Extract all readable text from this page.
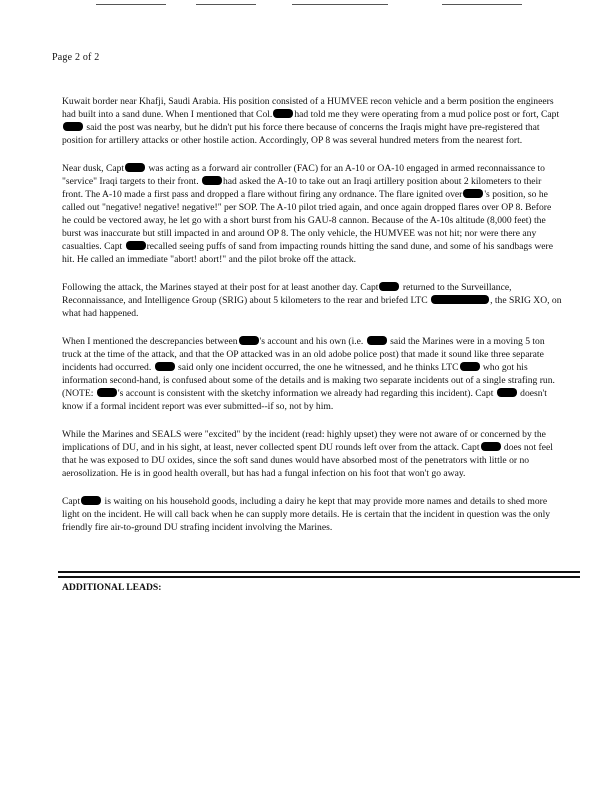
Page 2 of 2

Kuwait border near Khafji, Saudi Arabia. His position consisted of a HUMVEE recon vehicle and a berm position the engineers had built into a sand dune. When I mentioned that Col. had told me they were operating from a mud police post or fort, Capt said the post was nearby, but he didn't put his force there because of concerns the Iraqis might have pre-registered that position for artillery attacks or other hostile action. Accordingly, OP 8 was several hundred meters from the nearest fort.

Near dusk, Capt was acting as a forward air controller (FAC) for an A-10 or OA-10 engaged in armed reconnaissance to "service" Iraqi targets to their front. had asked the A-10 to take out an Iraqi artillery position about 2 kilometers to their front. The A-10 made a first pass and dropped a flare without firing any ordnance. The flare ignited over 's position, so he called out "negative! negative! negative!" per SOP. The A-10 pilot tried again, and once again dropped flares over OP 8. Before he could be vectored away, he let go with a short burst from his GAU-8 cannon. Because of the A-10s altitude (8,000 feet) the burst was inaccurate but still impacted in and around OP 8. The only vehicle, the HUMVEE was not hit; nor were there any casualties. Capt recalled seeing puffs of sand from impacting rounds hitting the sand dune, and some of his sandbags were hit. He called an immediate "abort! abort!" and the pilot broke off the attack.

Following the attack, the Marines stayed at their post for at least another day. Capt returned to the Surveillance, Reconnaissance, and Intelligence Group (SRIG) about 5 kilometers to the rear and briefed LTC	, the SRIG XO, on what had happened.

When I mentioned the descrepancies between 's account and his own (i.e.  said the Marines were in a moving 5 ton truck at the time of the attack, and that the OP attacked was in an old adobe police post) that made it sound like three separate incidents had occurred.  said only one incident occurred, the one he witnessed, and he thinks LTC who got his information second-hand, is confused about some of the details and is making two separate incidents out of a single strafing run. (NOTE: 's account is consistent with the sketchy information we already had regarding this incident). Capt  doesn't know if a formal incident report was ever submitted--if so, not by him.

While the Marines and SEALS were "excited" by the incident (read: highly upset) they were not aware of or concerned by the implications of DU, and in his sight, at least, never collected spent DU rounds left over from the attack. Capt does not feel that he was exposed to DU oxides, since the soft sand dunes would have absorbed most of the penetrators with little or no aerosolization. He is in good health overall, but has had a fungal infection on his foot that won't go away.

Capt is waiting on his household goods, including a dairy he kept that may provide more names and details to shed more light on the incident. He will call back when he can supply more details. He is certain that the incident in question was the only friendly fire air-to-ground DU strafing incident involving the Marines.

ADDITIONAL LEADS:
